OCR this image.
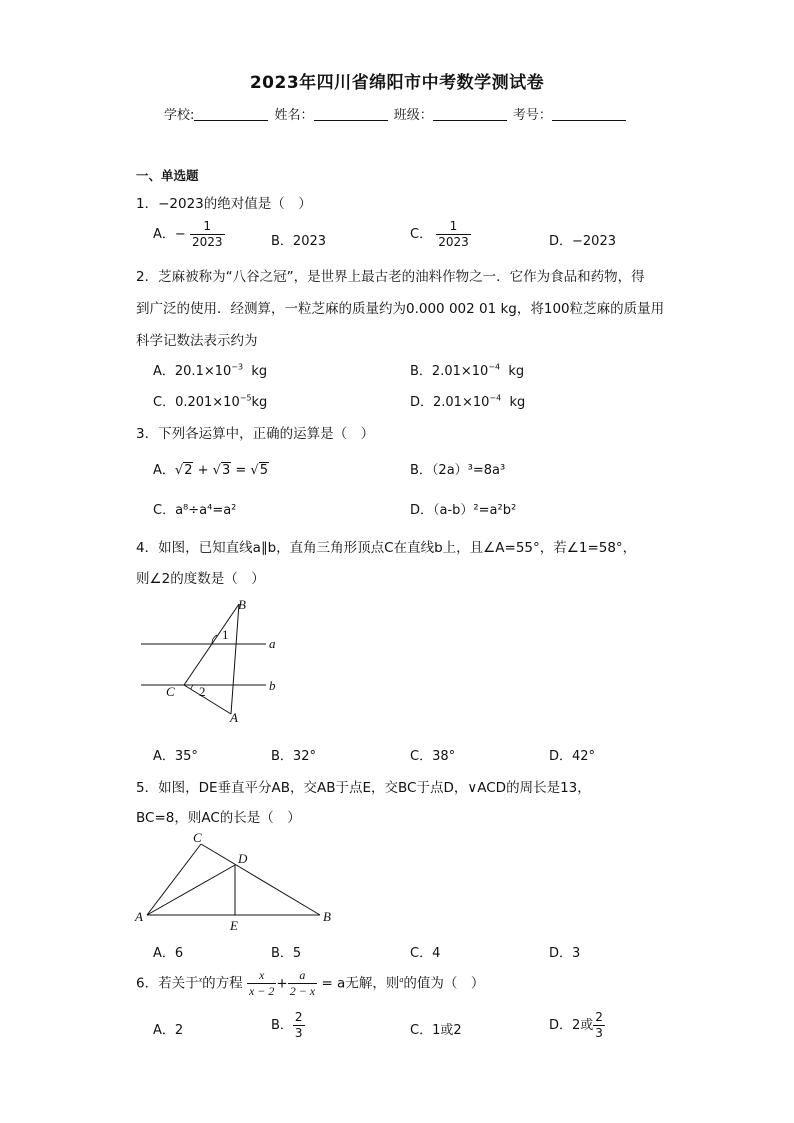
2023年四川省绵阳市中考数学测试卷
学校:	姓名：	班级：	考号：
一、单选题
1．−2023的绝对值是（　）
A．− $\frac{1}{2023}$	B．2023	C． $\frac{1}{2023}$	D．−2023
2．芝麻被称为“八谷之冠”，是世界上最古老的油料作物之一．它作为食品和药物，得
到广泛的使用．经测算，一粒芝麻的质量约为0.000 002 01 kg，将100粒芝麻的质量用
科学记数法表示约为
A．$20.1\times 10^{-3}$ kg	B．$2.01\times 10^{-4}$ kg
C．$0.201\times 10^{-5}kg$	D．$2.01\times 10^{-4}$ kg
3．下列各运算中，正确的运算是（　）
A．√2 + √3 = √5	B．（2a）³=8a³
C．a⁸÷a⁴=a²	D．（a-b）²=a²b²
4．如图，已知直线a∥b，直角三角形顶点C在直线b上，且∠A=55°，若∠1=58°，
则∠2的度数是（　）
B
1
a
b
C 2
A
A．35°	B．32°	C．38°	D．42°
5．如图，DE垂直平分AB，交AB于点E，交BC于点D，∨ACD的周长是13，
BC=8，则AC的长是（　）
C
D
A
E
B
A．6	B．5	C．4	D．3
6．若关于$^x$的方程 $\frac{x}{x - 2} + \frac{a}{2 - x} = a$无解，则$^a$的值为（　）
A．2	B． $\frac{2}{3}$	C．1或2	D．2或 $\frac{2}{3}$
